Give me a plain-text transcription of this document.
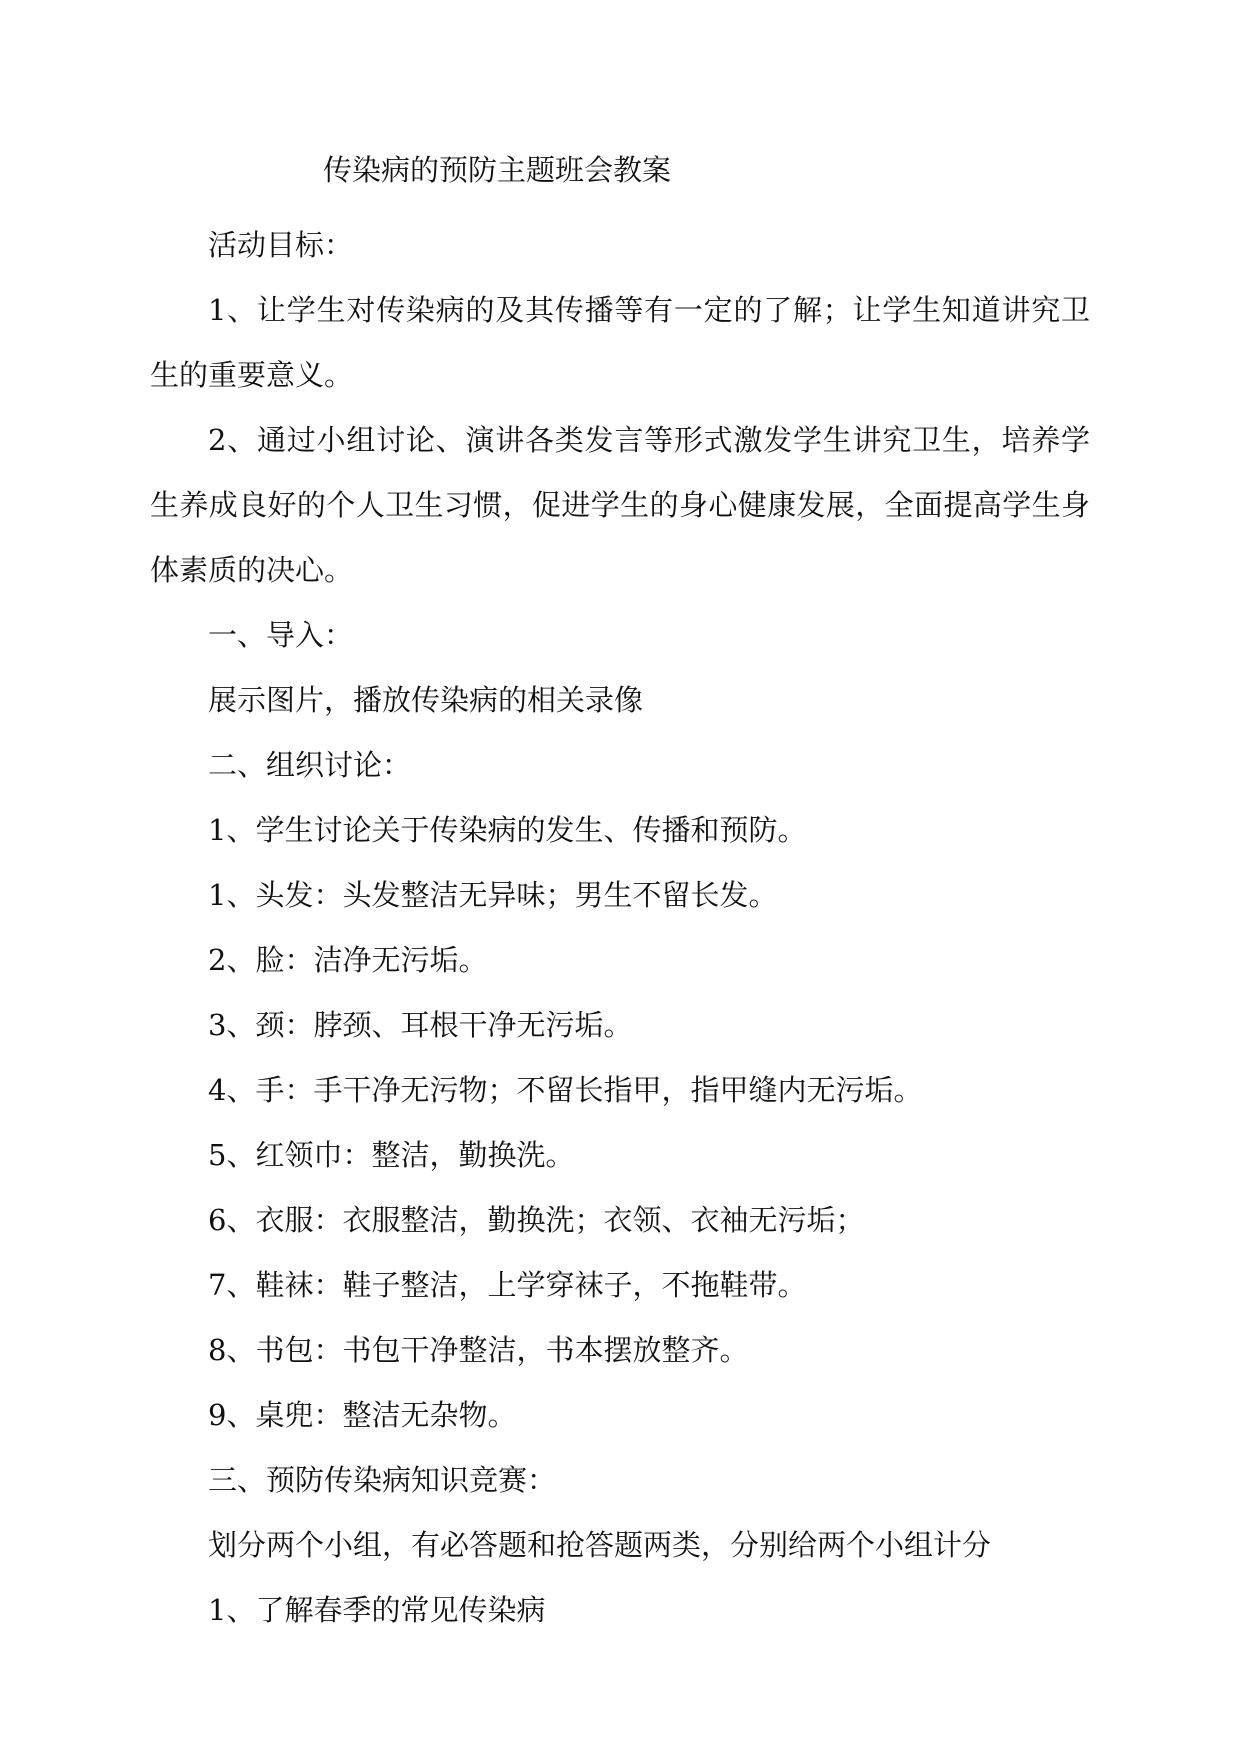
传染病的预防主题班会教案

活动目标：

1、让学生对传染病的及其传播等有一定的了解；让学生知道讲究卫生的重要意义。

2、通过小组讨论、演讲各类发言等形式激发学生讲究卫生，培养学生养成良好的个人卫生习惯，促进学生的身心健康发展，全面提高学生身体素质的决心。

一、导入：

展示图片，播放传染病的相关录像

二、组织讨论：

1、学生讨论关于传染病的发生、传播和预防。

1、头发：头发整洁无异味；男生不留长发。

2、脸：洁净无污垢。

3、颈：脖颈、耳根干净无污垢。

4、手：手干净无污物；不留长指甲，指甲缝内无污垢。

5、红领巾：整洁，勤换洗。

6、衣服：衣服整洁，勤换洗；衣领、衣袖无污垢；

7、鞋袜：鞋子整洁，上学穿袜子，不拖鞋带。

8、书包：书包干净整洁，书本摆放整齐。

9、桌兜：整洁无杂物。

三、预防传染病知识竞赛：

划分两个小组，有必答题和抢答题两类，分别给两个小组计分

1、了解春季的常见传染病
